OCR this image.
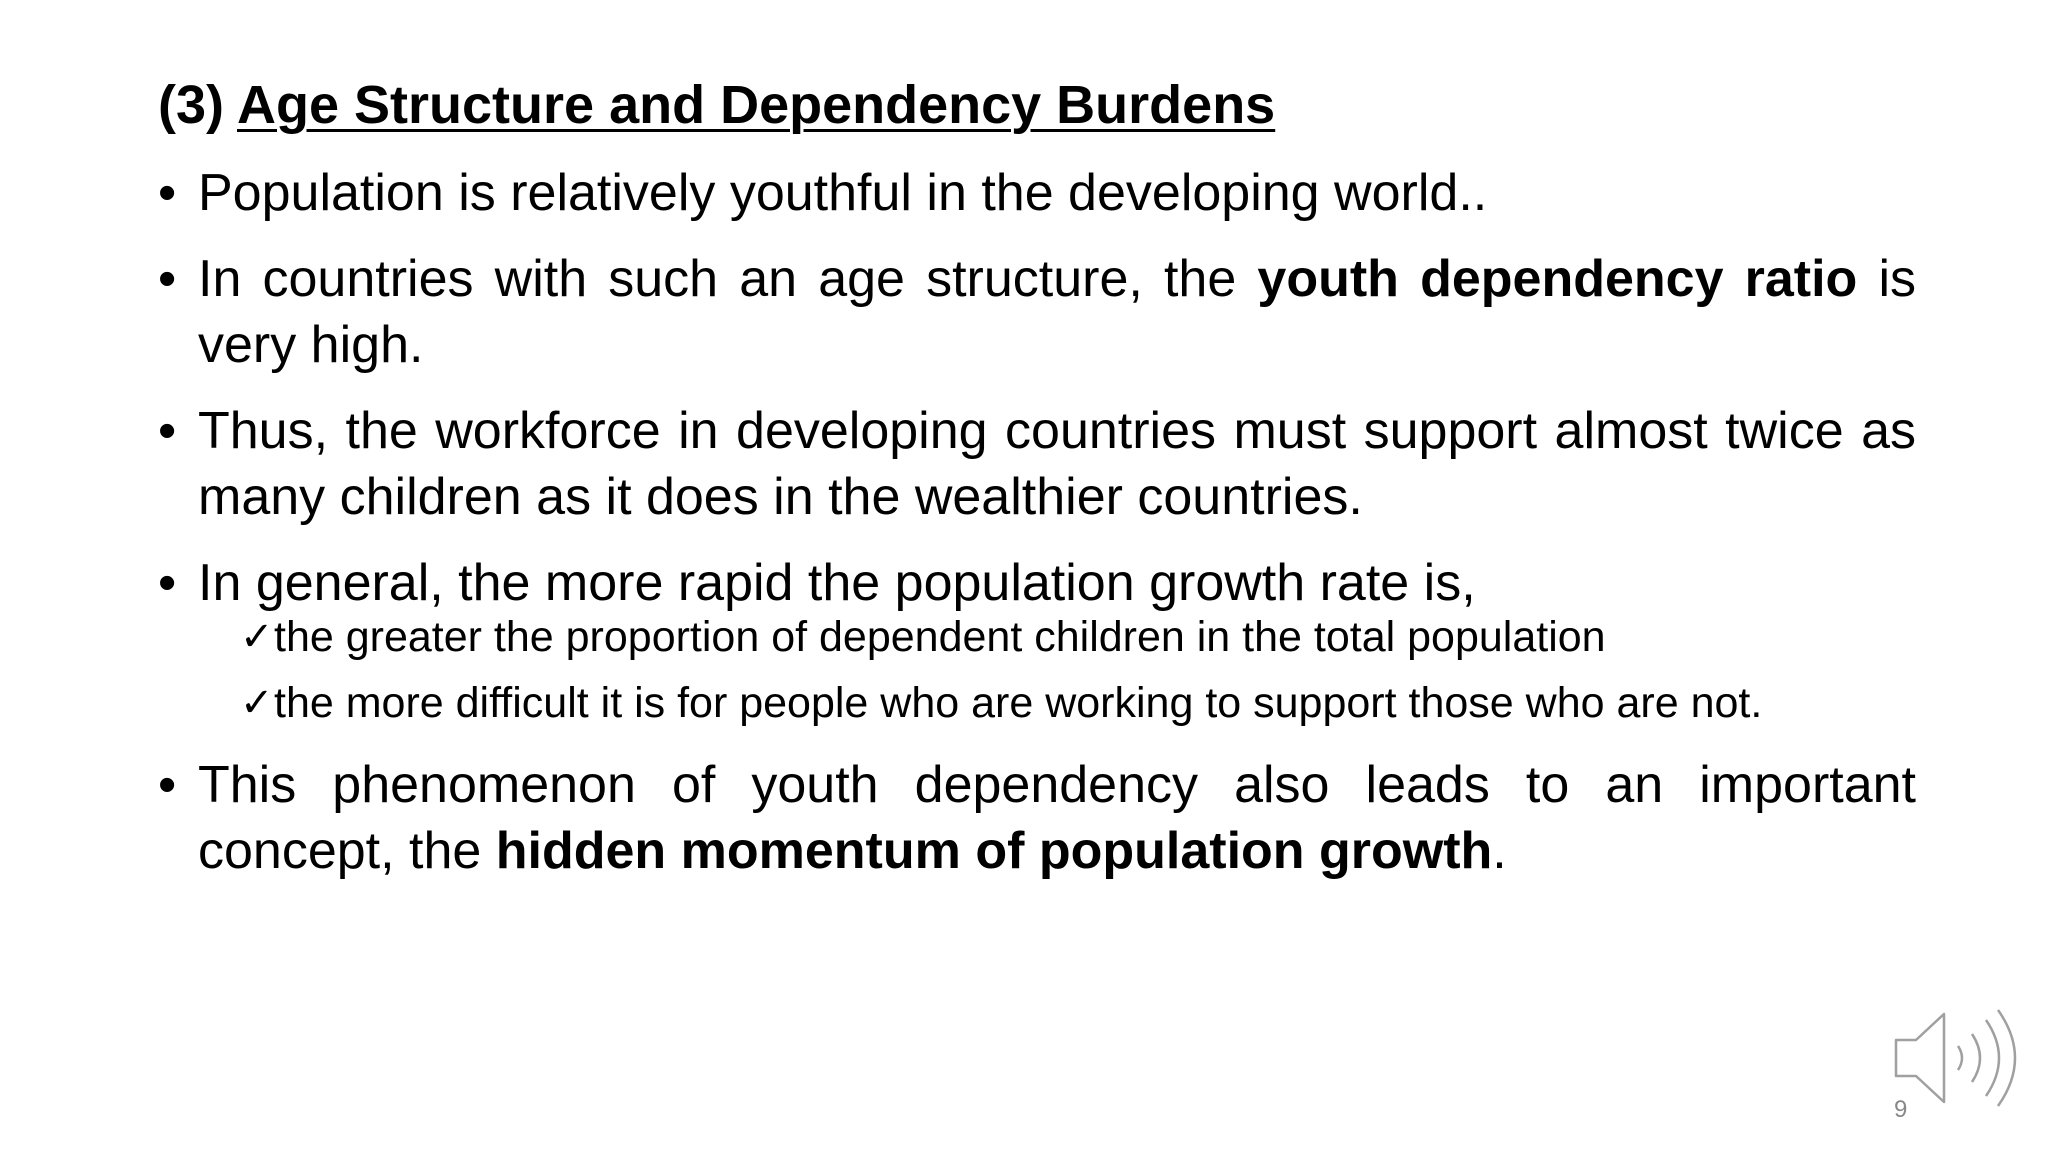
(3) Age Structure and Dependency Burdens
• Population is relatively youthful in the developing world..
• In countries with such an age structure, the youth dependency ratio is very high.
• Thus, the workforce in developing countries must support almost twice as many children as it does in the wealthier countries.
• In general, the more rapid the population growth rate is,
✓ the greater the proportion of dependent children in the total population
✓ the more difficult it is for people who are working to support those who are not.
• This phenomenon of youth dependency also leads to an important concept, the hidden momentum of population growth.
9
